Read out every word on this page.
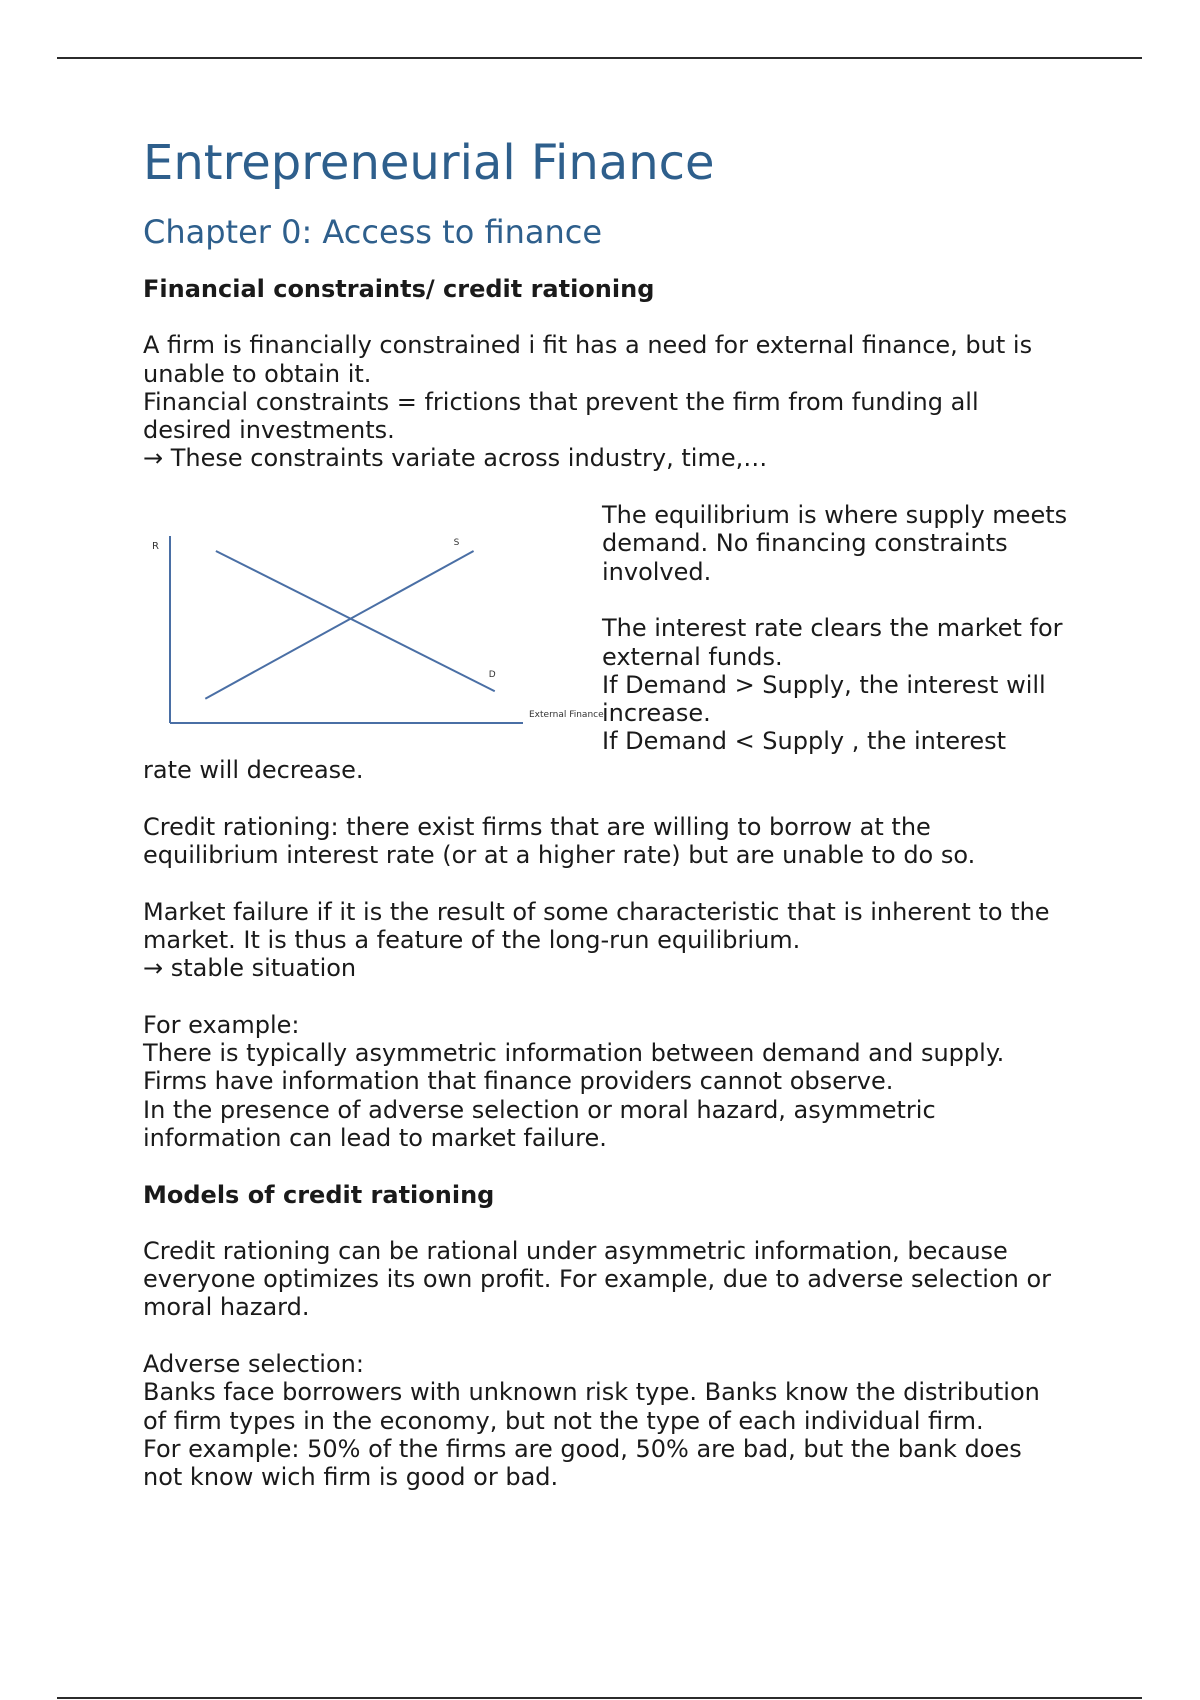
Entrepreneurial Finance
Chapter 0: Access to finance
Financial constraints/ credit rationing

A firm is financially constrained i fit has a need for external finance, but is unable to obtain it.
Financial constraints = frictions that prevent the firm from funding all desired investments.
→ These constraints variate across industry, time,…

R
External Finance
S
D

The equilibrium is where supply meets demand. No financing constraints involved.

The interest rate clears the market for external funds.
If Demand > Supply, the interest will increase.
If Demand < Supply , the interest

rate will decrease.

Credit rationing: there exist firms that are willing to borrow at the equilibrium interest rate (or at a higher rate) but are unable to do so.

Market failure if it is the result of some characteristic that is inherent to the market. It is thus a feature of the long-run equilibrium.
→ stable situation

For example:
There is typically asymmetric information between demand and supply.
Firms have information that finance providers cannot observe.
In the presence of adverse selection or moral hazard, asymmetric information can lead to market failure.

Models of credit rationing

Credit rationing can be rational under asymmetric information, because everyone optimizes its own profit. For example, due to adverse selection or moral hazard.

Adverse selection:
Banks face borrowers with unknown risk type. Banks know the distribution of firm types in the economy, but not the type of each individual firm.
For example: 50% of the firms are good, 50% are bad, but the bank does not know wich firm is good or bad.
